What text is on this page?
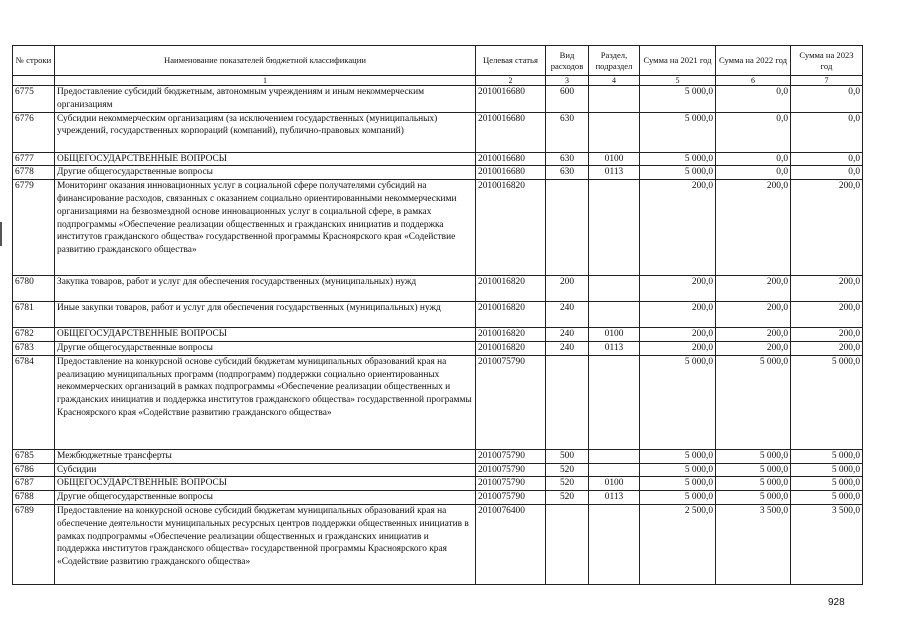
№ строки	Наименование показателей бюджетной классификации	Целевая статья	Вид расходов	Раздел, подраздел	Сумма на 2021 год	Сумма на 2022 год	Сумма на 2023 год
	1	2	3	4	5	6	7
6775	Предоставление субсидий бюджетным, автономным учреждениям и иным некоммерческим организациям	2010016680	600		5 000,0	0,0	0,0
6776	Субсидии некоммерческим организациям (за исключением государственных (муниципальных) учреждений, государственных корпораций (компаний), публично-правовых компаний)	2010016680	630		5 000,0	0,0	0,0
6777	ОБЩЕГОСУДАРСТВЕННЫЕ ВОПРОСЫ	2010016680	630	0100	5 000,0	0,0	0,0
6778	Другие общегосударственные вопросы	2010016680	630	0113	5 000,0	0,0	0,0
6779	Мониторинг оказания инновационных услуг в социальной сфере получателями субсидий на финансирование расходов, связанных с оказанием социально ориентированными некоммерческими организациями на безвозмездной основе инновационных услуг в социальной сфере, в рамках подпрограммы «Обеспечение реализации общественных и гражданских инициатив и поддержка институтов гражданского общества» государственной программы Красноярского края «Содействие развитию гражданского общества»	2010016820			200,0	200,0	200,0
6780	Закупка товаров, работ и услуг для обеспечения государственных (муниципальных) нужд	2010016820	200		200,0	200,0	200,0
6781	Иные закупки товаров, работ и услуг для обеспечения государственных (муниципальных) нужд	2010016820	240		200,0	200,0	200,0
6782	ОБЩЕГОСУДАРСТВЕННЫЕ ВОПРОСЫ	2010016820	240	0100	200,0	200,0	200,0
6783	Другие общегосударственные вопросы	2010016820	240	0113	200,0	200,0	200,0
6784	Предоставление на конкурсной основе субсидий бюджетам муниципальных образований края на реализацию муниципальных программ (подпрограмм) поддержки социально ориентированных некоммерческих организаций в рамках подпрограммы «Обеспечение реализации общественных и гражданских инициатив и поддержка институтов гражданского общества» государственной программы Красноярского края «Содействие развитию гражданского общества»	2010075790			5 000,0	5 000,0	5 000,0
6785	Межбюджетные трансферты	2010075790	500		5 000,0	5 000,0	5 000,0
6786	Субсидии	2010075790	520		5 000,0	5 000,0	5 000,0
6787	ОБЩЕГОСУДАРСТВЕННЫЕ ВОПРОСЫ	2010075790	520	0100	5 000,0	5 000,0	5 000,0
6788	Другие общегосударственные вопросы	2010075790	520	0113	5 000,0	5 000,0	5 000,0
6789	Предоставление на конкурсной основе субсидий бюджетам муниципальных образований края на обеспечение деятельности муниципальных ресурсных центров поддержки общественных инициатив в рамках подпрограммы «Обеспечение реализации общественных и гражданских инициатив и поддержка институтов гражданского общества» государственной программы Красноярского края «Содействие развитию гражданского общества»	2010076400			2 500,0	3 500,0	3 500,0
928
